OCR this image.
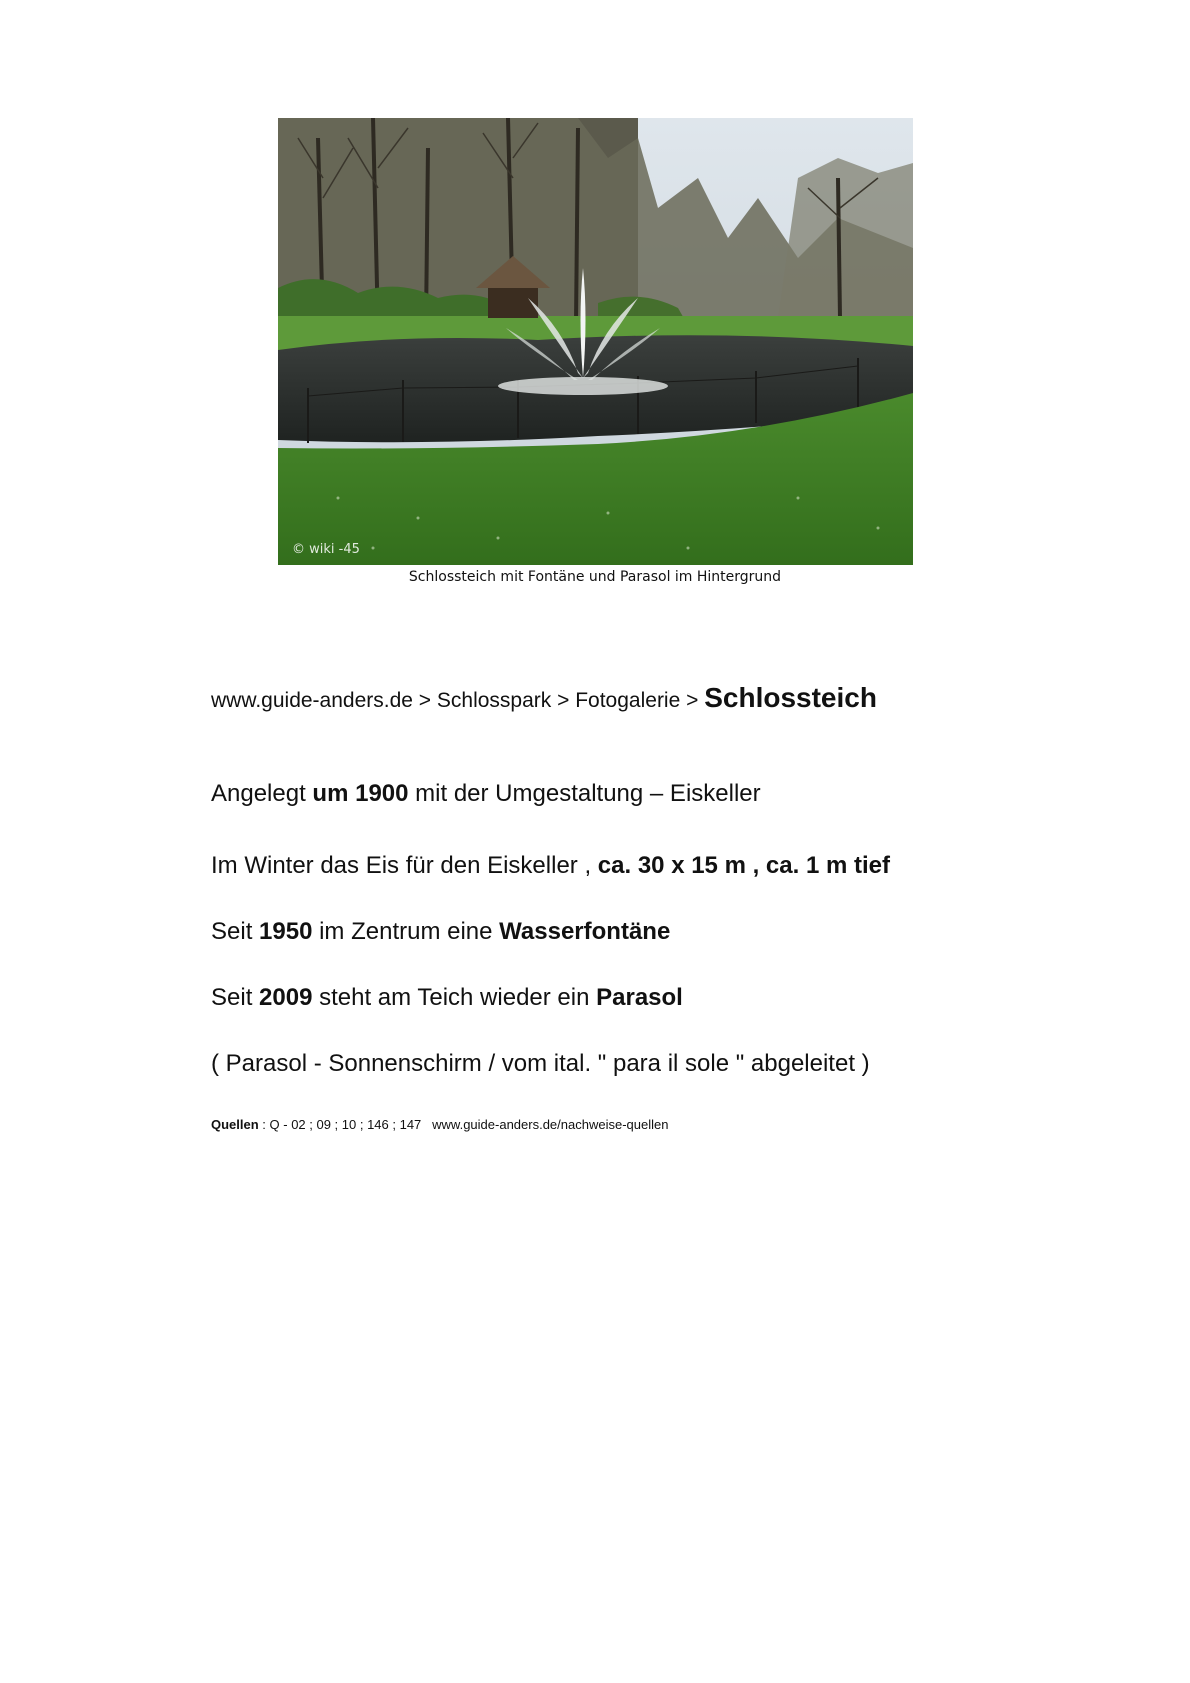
© wiki -45
Schlossteich mit Fontäne und Parasol im Hintergrund
www.guide-anders.de > Schlosspark > Fotogalerie > Schlossteich
Angelegt um 1900 mit der Umgestaltung – Eiskeller
Im Winter das Eis für den Eiskeller , ca. 30 x 15 m , ca. 1 m tief
Seit 1950 im Zentrum eine Wasserfontäne
Seit 2009 steht am Teich wieder ein Parasol
( Parasol - Sonnenschirm / vom ital. " para il sole " abgeleitet )
Quellen : Q - 02 ; 09 ; 10 ; 146 ; 147 www.guide-anders.de/nachweise-quellen
